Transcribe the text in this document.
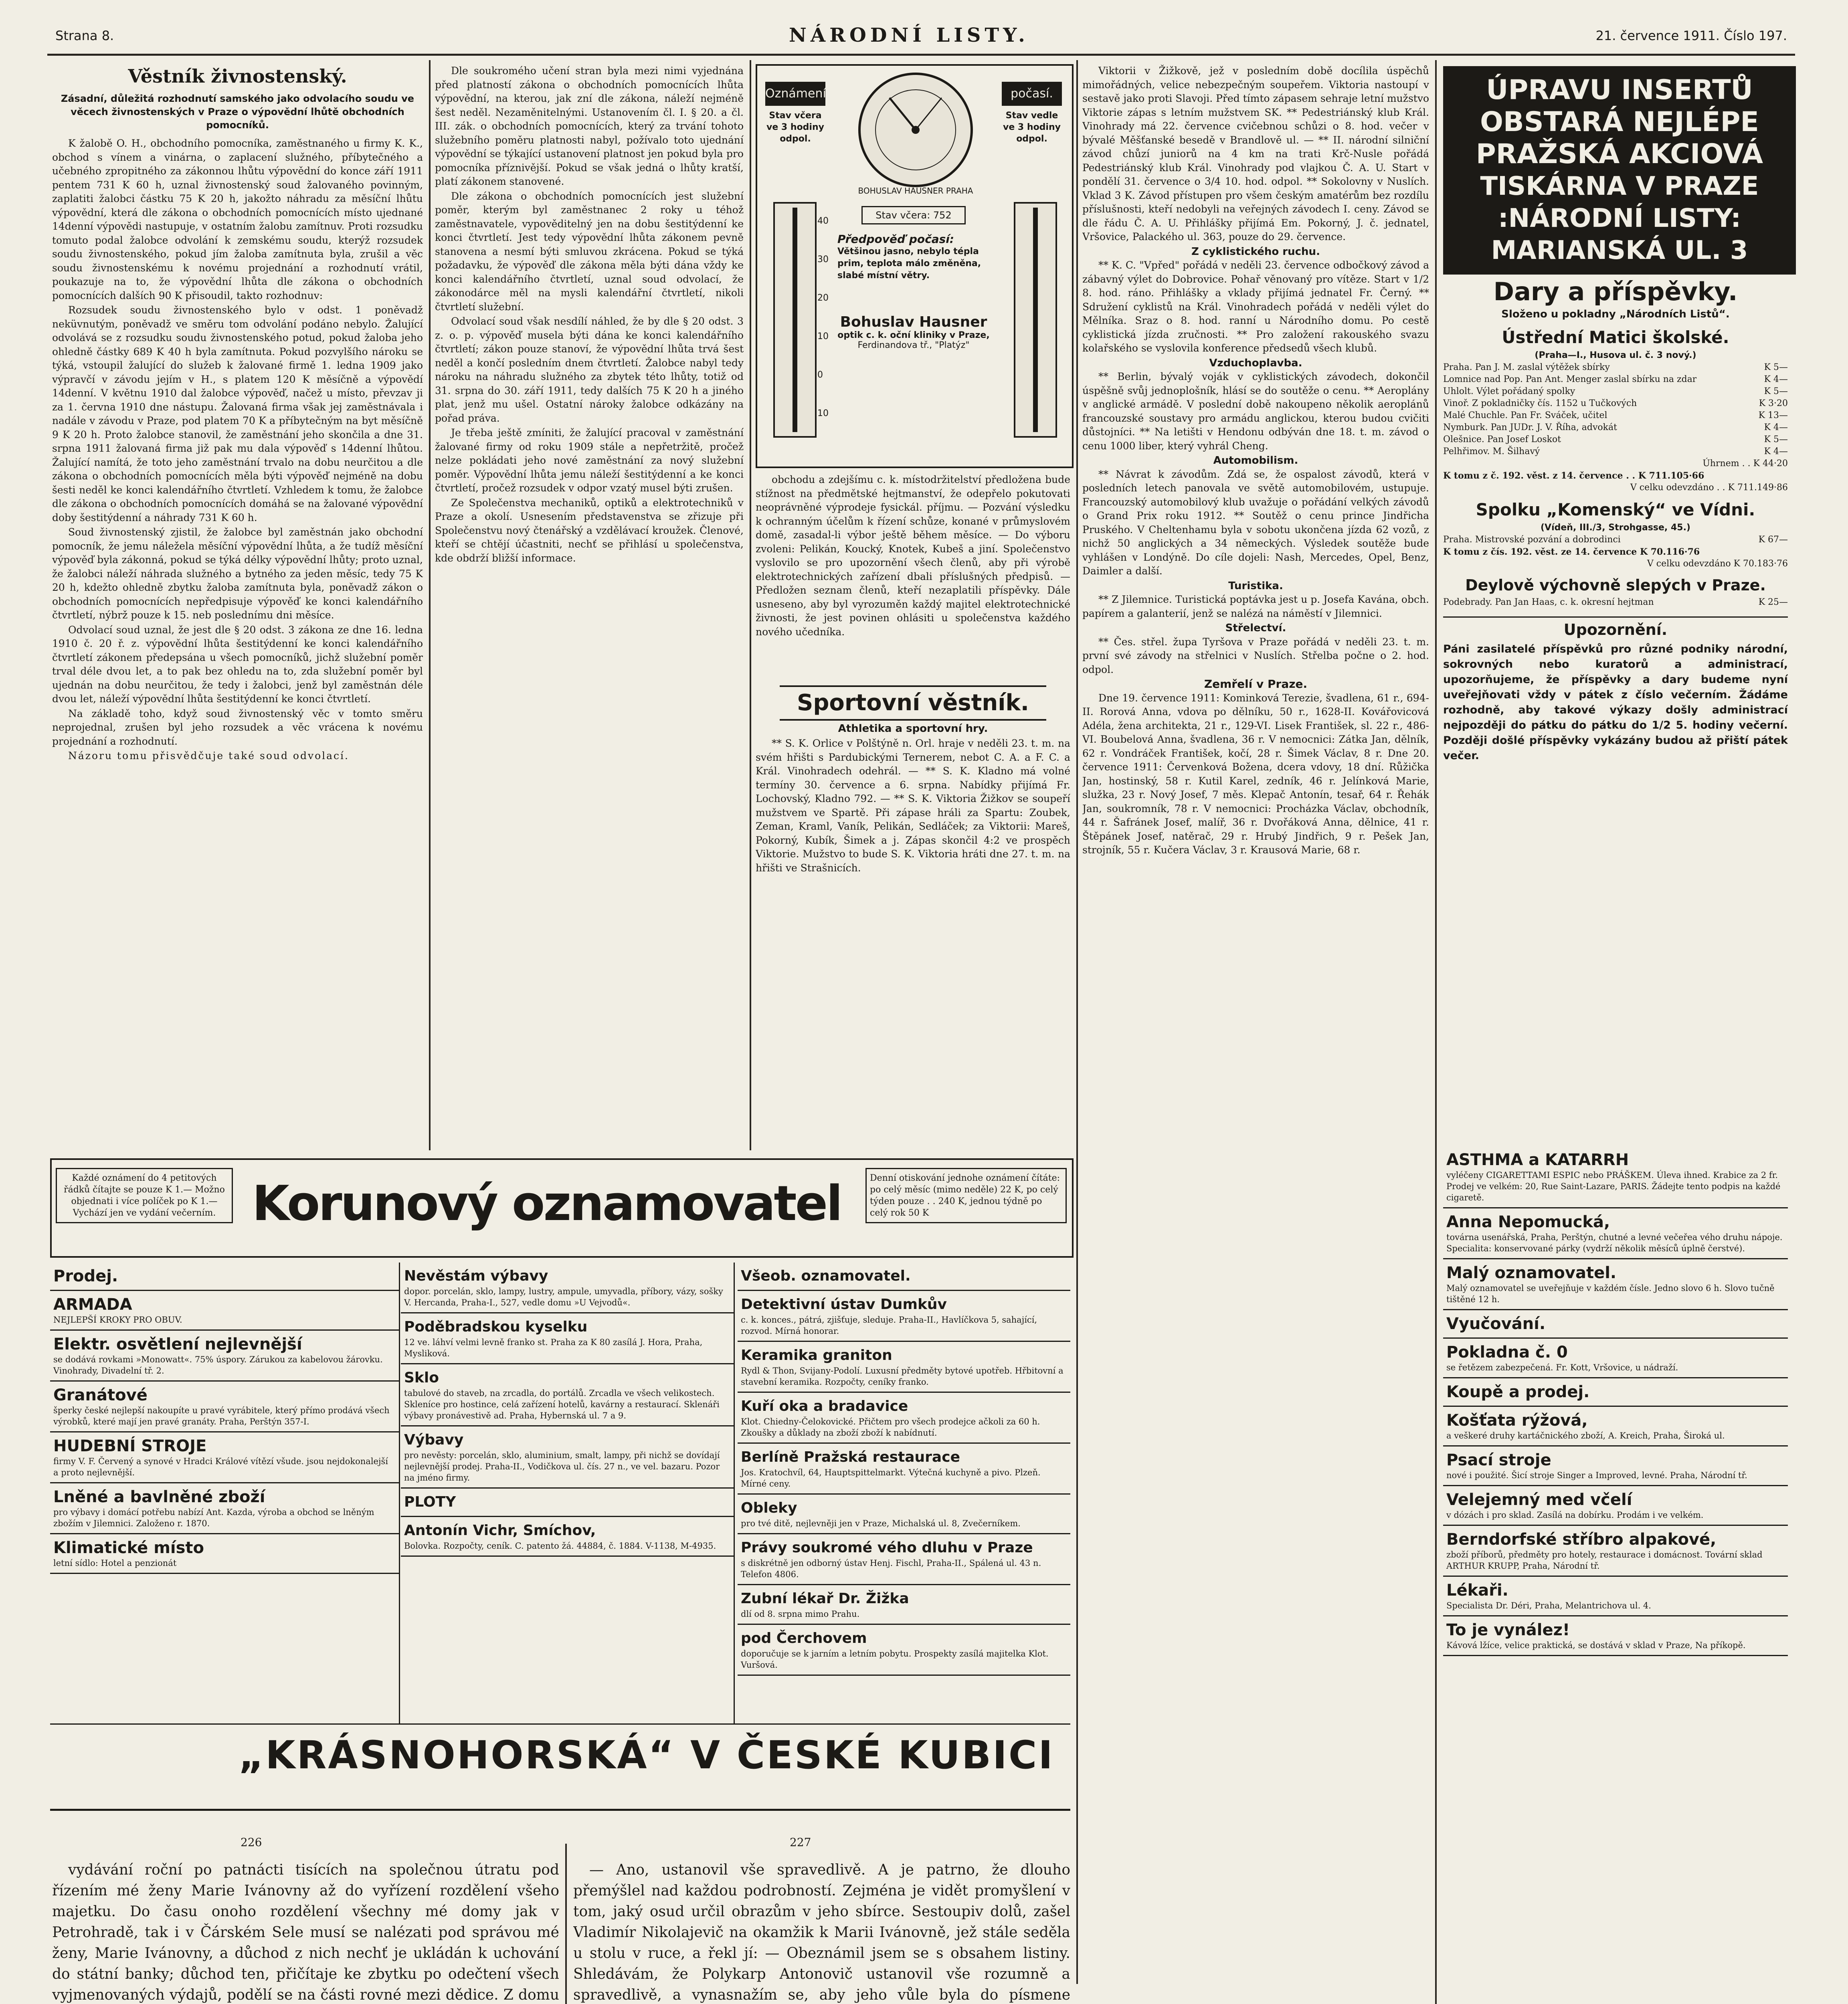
Strana 8.	NÁRODNÍ LISTY.	21. července 1911. Číslo 197.
Věstník živnostenský.
Zásadní, důležitá rozhodnutí samského jako odvolacího soudu ve věcech živnostenských v Praze o výpovědní lhůtě obchodních pomocníků.

K žalobě O. H., obchodního pomocníka, zaměstnaného u firmy K. K., obchod s vínem a vinárna, o zaplacení služného, příbytečného a učebného zpropitného za zákonnou lhůtu výpovědní do konce září 1911 pentem 731 K 60 h, uznal živnostenský soud žalovaného povinným, zaplatiti žalobci částku 75 K 20 h, jakožto náhradu za měsíční lhůtu výpovědní, která dle zákona o obchodních pomocnících místo ujednané 14denní výpovědi nastupuje, v ostatním žalobu zamítnuv. Proti rozsudku tomuto podal žalobce odvolání k zemskému soudu, kterýž rozsudek soudu živnostenského, pokud jím žaloba zamítnuta byla, zrušil a věc soudu živnostenskému k novému projednání a rozhodnutí vrátil, poukazuje na to, že výpovědní lhůta dle zákona o obchodních pomocnících dalších 90 K přisoudil, takto rozhodnuv:

Rozsudek soudu živnostenského bylo v odst. 1 poněvadž neküvnutým, poněvadž ve směru tom odvolání podáno nebylo. Žalující odvolává se z rozsudku soudu živnostenského potud, pokud žaloba jeho ohledně částky 689 K 40 h byla zamítnuta. Pokud pozvylšího nároku se týká, vstoupil žalující do služeb k žalované firmě 1. ledna 1909 jako výpravčí v závodu jejím v H., s platem 120 K měsíčně a výpovědí 14denní. V květnu 1910 dal žalobce výpověď, načež u místo, převzav ji za 1. června 1910 dne nástupu. Žalovaná firma však jej zaměstnávala i nadále v závodu v Praze, pod platem 70 K a příbytečným na byt měsíčně 9 K 20 h. Proto žalobce stanovil, že zaměstnání jeho skončila a dne 31. srpna 1911 žalovaná firma již pak mu dala výpověď s 14denní lhůtou. Žalující namítá, že toto jeho zaměstnání trvalo na dobu neurčitou a dle zákona o obchodních pomocnících měla býti výpověď nejméně na dobu šesti neděl ke konci kalendářního čtvrtletí. Vzhledem k tomu, že žalobce dle zákona o obchodních pomocnících domáhá se na žalované výpovědní doby šestitýdenní a náhrady 731 K 60 h.

Soud živnostenský zjistil, že žalobce byl zaměstnán jako obchodní pomocník, že jemu náležela měsíční výpovědní lhůta, a že tudíž měsíční výpověď byla zákonná, pokud se týká délky výpovědní lhůty; proto uznal, že žalobci náleží náhrada služného a bytného za jeden měsíc, tedy 75 K 20 h, kdežto ohledně zbytku žaloba zamítnuta byla, poněvadž zákon o obchodních pomocnících nepředpisuje výpověď ke konci kalendářního čtvrtletí, nýbrž pouze k 15. neb poslednímu dni měsíce.

Odvolací soud uznal, že jest dle § 20 odst. 3 zákona ze dne 16. ledna 1910 č. 20 ř. z. výpovědní lhůta šestitýdenní ke konci kalendářního čtvrtletí zákonem předepsána u všech pomocníků, jichž služební poměr trval déle dvou let, a to pak bez ohledu na to, zda služební poměr byl ujednán na dobu neurčitou, že tedy i žalobci, jenž byl zaměstnán déle dvou let, náleží výpovědní lhůta šestitýdenní ke konci čtvrtletí.

Na základě toho, když soud živnostenský věc v tomto směru neprojednal, zrušen byl jeho rozsudek a věc vrácena k novému projednání a rozhodnutí.

Názoru tomu přisvědčuje také soud odvolací.

Dle soukromého učení stran byla mezi nimi vyjednána před platností zákona o obchodních pomocnících lhůta výpovědní, na kterou, jak zní dle zákona, náleží nejméně šest neděl. Nezaměnitelnými. Ustanovením čl. I. § 20. a čl. III. zák. o obchodních pomocnících, který za trvání tohoto služebního poměru platnosti nabyl, požívalo toto ujednání výpovědní se týkající ustanovení platnost jen pokud byla pro pomocníka příznivější. Pokud se však jedná o lhůty kratší, platí zákonem stanovené.

Dle zákona o obchodních pomocnících jest služební poměr, kterým byl zaměstnanec 2 roky u téhož zaměstnavatele, vypověditelný jen na dobu šestitýdenní ke konci čtvrtletí. Jest tedy výpovědní lhůta zákonem pevně stanovena a nesmí býti smluvou zkrácena. Pokud se týká požadavku, že výpověď dle zákona měla býti dána vždy ke konci kalendářního čtvrtletí, uznal soud odvolací, že zákonodárce měl na mysli kalendářní čtvrtletí, nikoli čtvrtletí služební.

Odvolací soud však nesdílí náhled, že by dle § 20 odst. 3 z. o. p. výpověď musela býti dána ke konci kalendářního čtvrtletí; zákon pouze stanoví, že výpovědní lhůta trvá šest neděl a končí posledním dnem čtvrtletí. Žalobce nabyl tedy nároku na náhradu služného za zbytek této lhůty, totiž od 31. srpna do 30. září 1911, tedy dalších 75 K 20 h a jiného plat, jenž mu ušel. Ostatní nároky žalobce odkázány na pořad práva.

Je třeba ještě zmíniti, že žalující pracoval v zaměstnání žalované firmy od roku 1909 stále a nepřetržitě, pročež nelze pokládati jeho nové zaměstnání za nový služební poměr. Výpovědní lhůta jemu náleží šestitýdenní a ke konci čtvrtletí, pročež rozsudek v odpor vzatý musel býti zrušen.

Ze Společenstva mechaniků, optiků a elektrotechniků v Praze a okolí. Usnesením představenstva se zřizuje při Společenstvu nový čtenářský a vzdělávací kroužek. Členové, kteří se chtějí účastniti, nechť se přihlásí u společenstva, kde obdrží bližší informace.

Oznámení
Stav včera ve 3 hodiny odpol.
počasí.
Stav vedle ve 3 hodiny odpol.
BOHUSLAV HAUSNER PRAHA
40
30
20
10
0
10
Stav včera: 752
Předpověď počasí:
Většinou jasno, nebylo tépla prim, teplota málo změněna, slabé místní větry.
Bohuslav Hausner
optik c. k. oční kliniky v Praze,
Ferdinandova tř., "Platýz"

obchodu a zdejšímu c. k. místodržitelství předložena bude stížnost na předmětské hejtmanství, že odepřelo pokutovati neoprávněné výprodeje fysickál. příjmu. — Pozvání výsledku k ochranným účelům k řízení schůze, konané v průmyslovém domě, zasadal-li výbor ještě během měsíce. — Do výboru zvoleni: Pelikán, Koucký, Knotek, Kubeš a jiní. Společenstvo vyslovilo se pro upozornění všech členů, aby při výrobě elektrotechnických zařízení dbali příslušných předpisů. — Předložen seznam členů, kteří nezaplatili příspěvky. Dále usneseno, aby byl vyrozuměn každý majitel elektrotechnické živnosti, že jest povinen ohlásiti u společenstva každého nového učedníka.

Sportovní věstník.
Athletika a sportovní hry.

** S. K. Orlice v Polštýně n. Orl. hraje v neděli 23. t. m. na svém hřišti s Pardubickými Ternerem, nebot C. A. a F. C. a Král. Vinohradech odehrál. — ** S. K. Kladno má volné termíny 30. července a 6. srpna. Nabídky přijímá Fr. Lochovský, Kladno 792. — ** S. K. Viktoria Žižkov se soupeří mužstvem ve Spartě. Při zápase hráli za Spartu: Zoubek, Zeman, Kraml, Vaník, Pelikán, Sedláček; za Viktorii: Mareš, Pokorný, Kubík, Šimek a j. Zápas skončil 4:2 ve prospěch Viktorie. Mužstvo to bude S. K. Viktoria hráti dne 27. t. m. na hřišti ve Strašnicích.

Viktorii v Žižkově, jež v posledním době docílila úspěchů mimořádných, velice nebezpečným soupeřem. Viktoria nastoupí v sestavě jako proti Slavoji. Před tímto zápasem sehraje letní mužstvo Viktorie zápas s letním mužstvem SK. ** Pedestriánský klub Král. Vinohrady má 22. července cvičebnou schůzi o 8. hod. večer v bývalé Měšťanské besedě v Brandlově ul. — ** II. národní silniční závod chůzí juniorů na 4 km na trati Krč-Nusle pořádá Pedestriánský klub Král. Vinohrady pod vlajkou Č. A. U. Start v pondělí 31. července o 3/4 10. hod. odpol. ** Sokolovny v Nuslích. Vklad 3 K. Závod přístupen pro všem českým amatérům bez rozdílu příslušnosti, kteří nedobyli na veřejných závodech I. ceny. Závod se dle řádu Č. A. U. Přihlášky přijímá Em. Pokorný, J. č. jednatel, Vršovice, Palackého ul. 363, pouze do 29. července.

Z cyklistického ruchu.

** K. C. "Vpřed" pořádá v neděli 23. července odbočkový závod a zábavný výlet do Dobrovice. Pohař věnovaný pro vítěze. Start v 1/2 8. hod. ráno. Přihlášky a vklady přijímá jednatel Fr. Černý. ** Sdružení cyklistů na Král. Vinohradech pořádá v neděli výlet do Mělníka. Sraz o 8. hod. ranní u Národního domu. Po cestě cyklistická jízda zručnosti. ** Pro založení rakouského svazu kolařského se vyslovila konference předsedů všech klubů.

Vzduchoplavba.

** Berlin, bývalý voják v cyklistických závodech, dokončil úspěšně svůj jednoplošník, hlásí se do soutěže o cenu. ** Aeroplány v anglické armádě. V poslední době nakoupeno několik aeroplánů francouzské soustavy pro armádu anglickou, kterou budou cvičiti důstojníci. ** Na letišti v Hendonu odbýván dne 18. t. m. závod o cenu 1000 liber, který vyhrál Cheng.

Automobilism.

** Návrat k závodům. Zdá se, že ospalost závodů, která v posledních letech panovala ve světě automobilovém, ustupuje. Francouzský automobilový klub uvažuje o pořádání velkých závodů o Grand Prix roku 1912. ** Soutěž o cenu prince Jindřicha Pruského. V Cheltenhamu byla v sobotu ukončena jízda 62 vozů, z nichž 50 anglických a 34 německých. Výsledek soutěže bude vyhlášen v Londýně. Do cíle dojeli: Nash, Mercedes, Opel, Benz, Daimler a další.

Turistika.

** Z Jilemnice. Turistická poptávka jest u p. Josefa Kavána, obch. papírem a galanterií, jenž se nalézá na náměstí v Jilemnici.

Střelectví.

** Čes. střel. župa Tyršova v Praze pořádá v neděli 23. t. m. první své závody na střelnici v Nuslích. Střelba počne o 2. hod. odpol.

Zemřelí v Praze.

Dne 19. července 1911: Kominková Terezie, švadlena, 61 r., 694-II. Rorová Anna, vdova po dělníku, 50 r., 1628-II. Kovářovicová Adéla, žena architekta, 21 r., 129-VI. Lisek František, sl. 22 r., 486-VI. Boubelová Anna, švadlena, 36 r. V nemocnici: Zátka Jan, dělník, 62 r. Vondráček František, kočí, 28 r. Šimek Václav, 8 r. Dne 20. července 1911: Červenková Božena, dcera vdovy, 18 dní. Růžička Jan, hostinský, 58 r. Kutil Karel, zedník, 46 r. Jelínková Marie, služka, 23 r. Nový Josef, 7 měs. Klepač Antonín, tesař, 64 r. Řehák Jan, soukromník, 78 r. V nemocnici: Procházka Václav, obchodník, 44 r. Šafránek Josef, malíř, 36 r. Dvořáková Anna, dělnice, 41 r. Štěpánek Josef, natěrač, 29 r. Hrubý Jindřich, 9 r. Pešek Jan, strojník, 55 r. Kučera Václav, 3 r. Krausová Marie, 68 r.

ÚPRAVU INSERTŮ
OBSTARÁ NEJLÉPE
PRAŽSKÁ AKCIOVÁ
TISKÁRNA V PRAZE
:NÁRODNÍ LISTY:
MARIANSKÁ UL. 3
Dary a příspěvky.
Složeno u pokladny „Národních Listů“.
Ústřední Matici školské.
(Praha—I., Husova ul. č. 3 nový.)
Praha. Pan J. M. zaslal výtěžek sbírky	K 5—
Lomnice nad Pop. Pan Ant. Menger zaslal sbírku na zdar	K 4—
Uhlolt. Výlet pořádaný spolky	K 5—
Vinoř. Z pokladničky čís. 1152 u Tučkových	K 3·20
Malé Chuchle. Pan Fr. Sváček, učitel	K 13—
Nymburk. Pan JUDr. J. V. Říha, advokát	K 4—
Olešnice. Pan Josef Loskot	K 5—
Pelhřimov. M. Šilhavý	K 4—
Úhrnem . . K 44·20
K tomu z č. 192. věst. z 14. července . . K 711.105·66
V celku odevzdáno . . K 711.149·86
Spolku „Komenský“ ve Vídni.
(Vídeň, III./3, Strohgasse, 45.)
Praha. Mistrovské pozvání a dobrodinci	K 67—
K tomu z čís. 192. věst. ze 14. července K 70.116·76
V celku odevzdáno K 70.183·76
Deylově výchovně slepých v Praze.
Podebrady. Pan Jan Haas, c. k. okresní hejtman	K 25—
Upozornění.
Páni zasilatelé příspěvků pro různé podniky národní, sokrovných nebo kuratorů a administrací, upozorňujeme, že příspěvky a dary budeme nyní uveřejňovati vždy v pátek z číslo večerním. Žádáme rozhodně, aby takové výkazy došly administrací nejpozději do pátku do pátku do 1/2 5. hodiny večerní. Později došlé příspěvky vykázány budou až přiští pátek večer.
ASTHMA a KATARRH
vyléčeny CIGARETTAMI ESPIC nebo PRÁŠKEM. Úleva ihned. Krabice za 2 fr. Prodej ve velkém: 20, Rue Saint-Lazare, PARIS. Žádejte tento podpis na každé cigaretě.
Anna Nepomucká,
továrna usenářská, Praha, Perštýn, chutné a levné večeřea vého druhu nápoje. Specialita: konservované párky (vydrží několik měsíců úplně čerstvé).
Malý oznamovatel.
Malý oznamovatel se uveřejňuje v každém čísle. Jedno slovo 6 h. Slovo tučně tištěné 12 h.
Vyučování.
Pokladna č. 0
se řetězem zabezpečená. Fr. Kott, Vršovice, u nádraží.
Koupě a prodej.
Košťata rýžová,
a veškeré druhy kartáčnického zboží, A. Kreich, Praha, Široká ul.
Psací stroje
nové i použité. Šicí stroje Singer a Improved, levné. Praha, Národní tř.
Velejemný med včelí
v dózách i pro sklad. Zasílá na dobírku. Prodám i ve velkém.
Berndorfské stříbro alpakové,
zboží příborů, předměty pro hotely, restaurace i domácnost. Tovární sklad ARTHUR KRUPP, Praha, Národní tř.
Lékaři.
Specialista Dr. Déri, Praha, Melantrichova ul. 4.
To je vynález!
Kávová lžíce, velice praktická, se dostává v sklad v Praze, Na příkopě.
Každé oznámení do 4 petitových řádků čítajte se pouze K 1.— Možno objednati i více políček po K 1.— Vychází jen ve vydání večerním. Korunový oznamovatel	Denní otiskování jednohe oznámení čítáte: po celý měsíc (mimo neděle) 22 K, po celý týden pouze . . 240 K, jednou týdně po celý rok 50 K
Prodej.
ARMADA
NEJLEPŠÍ KROKY PRO OBUV.
Elektr. osvětlení nejlevnější
se dodává rovkami »Monowatt«. 75% úspory. Zárukou za kabelovou žárovku. Vinohrady, Divadelní tř. 2.
Granátové
šperky české nejlepší nakoupíte u pravé vyrábitele, který přímo prodává všech výrobků, které mají jen pravé granáty. Praha, Perštýn 357-I.
HUDEBNÍ STROJE
firmy V. F. Červený a synové v Hradci Králové vítězí všude. jsou nejdokonalejší a proto nejlevnější.
Lněné a bavlněné zboží
pro výbavy i domácí potřebu nabízí Ant. Kazda, výroba a obchod se lněným zbožím v Jilemnici. Založeno r. 1870.
Klimatické místo
letní sídlo: Hotel a penzionát
Nevěstám výbavy
dopor. porcelán, sklo, lampy, lustry, ampule, umyvadla, příbory, vázy, sošky V. Hercanda, Praha-I., 527, vedle domu »U Vejvodů«.
Poděbradskou kyselku
12 ve. láhví velmi levně franko st. Praha za K 80 zasílá J. Hora, Praha, Mysliková.
Sklo
tabulové do staveb, na zrcadla, do portálů. Zrcadla ve všech velikostech. Skleníce pro hostince, celá zařízení hotelů, kavárny a restaurací. Sklenáři výbavy pronávestivě ad. Praha, Hybernská ul. 7 a 9.
Výbavy
pro nevěsty: porcelán, sklo, aluminium, smalt, lampy, při nichž se dovídají nejlevnější prodej. Praha-II., Vodičkova ul. čís. 27 n., ve vel. bazaru. Pozor na jméno firmy.
PLOTY
Antonín Vichr, Smíchov,
Bolovka. Rozpočty, ceník. C. patento žá. 44884, č. 1884. V-1138, M-4935.
Všeob. oznamovatel.
Detektivní ústav Dumkův
c. k. konces., pátrá, zjišťuje, sleduje. Praha-II., Havlíčkova 5, sahající, rozvod. Mírná honorar.
Keramika graniton
Rydl & Thon, Svijany-Podolí. Luxusní předměty bytové upotřeb. Hřbitovní a stavební keramika. Rozpočty, ceníky franko.
Kuří oka a bradavice
Klot. Chiedny-Čelokovické. Přičtem pro všech prodejce ačkoli za 60 h. Zkoušky a důklady na zboží zboží k nabídnutí.
Berlíně Pražská restaurace
Jos. Kratochvíl, 64, Hauptspittelmarkt. Výtečná kuchyně a pivo. Plzeň. Mírné ceny.
Obleky
pro tvé ditě, nejlevněji jen v Praze, Michalská ul. 8, Zvečerníkem.
Právy soukromé vého dluhu v Praze
s diskrétně jen odborný ústav Henj. Fischl, Praha-II., Spálená ul. 43 n. Telefon 4806.
Zubní lékař Dr. Žižka
dlí od 8. srpna mimo Prahu.
pod Čerchovem
doporučuje se k jarním a letním pobytu. Prospekty zasílá majitelka Klot. Vuršová.
„KRÁSNOHORSKÁ“ V ČESKÉ KUBICI
226	227

vydávání roční po patnácti tisících na společnou útratu pod řízením mé ženy Marie Ivánovny až do vyřízení rozdělení všeho majetku. Do času onoho rozdělení všechny mé domy jak v Petrohradě, tak i v Čárském Sele musí se nalézati pod správou mé ženy, Marie Ivánovny, a důchod z nich nechť je ukládán k uchování do státní banky; důchod ten, přičítaje ke zbytku po odečtení všech vyjmenovaných výdajů, podělí se na části rovné mezi dědice. Z domu

— Ano, ustanovil vše spravedlivě. A je patrno, že dlouho přemýšlel nad každou podrobností. Zejména je vidět promyšlení v tom, jaký osud určil obrazům v jeho sbírce. Sestoupiv dolů, zašel Vladimír Nikolajevič na okamžik k Marii Ivánovně, jež stále seděla u stolu v ruce, a řekl jí: — Obeznámil jsem se s obsahem listiny. Shledávám, že Polykarp Antonovič ustanovil vše rozumně a spravedlivě, a vynasnažím se, aby jeho vůle byla do písmene
